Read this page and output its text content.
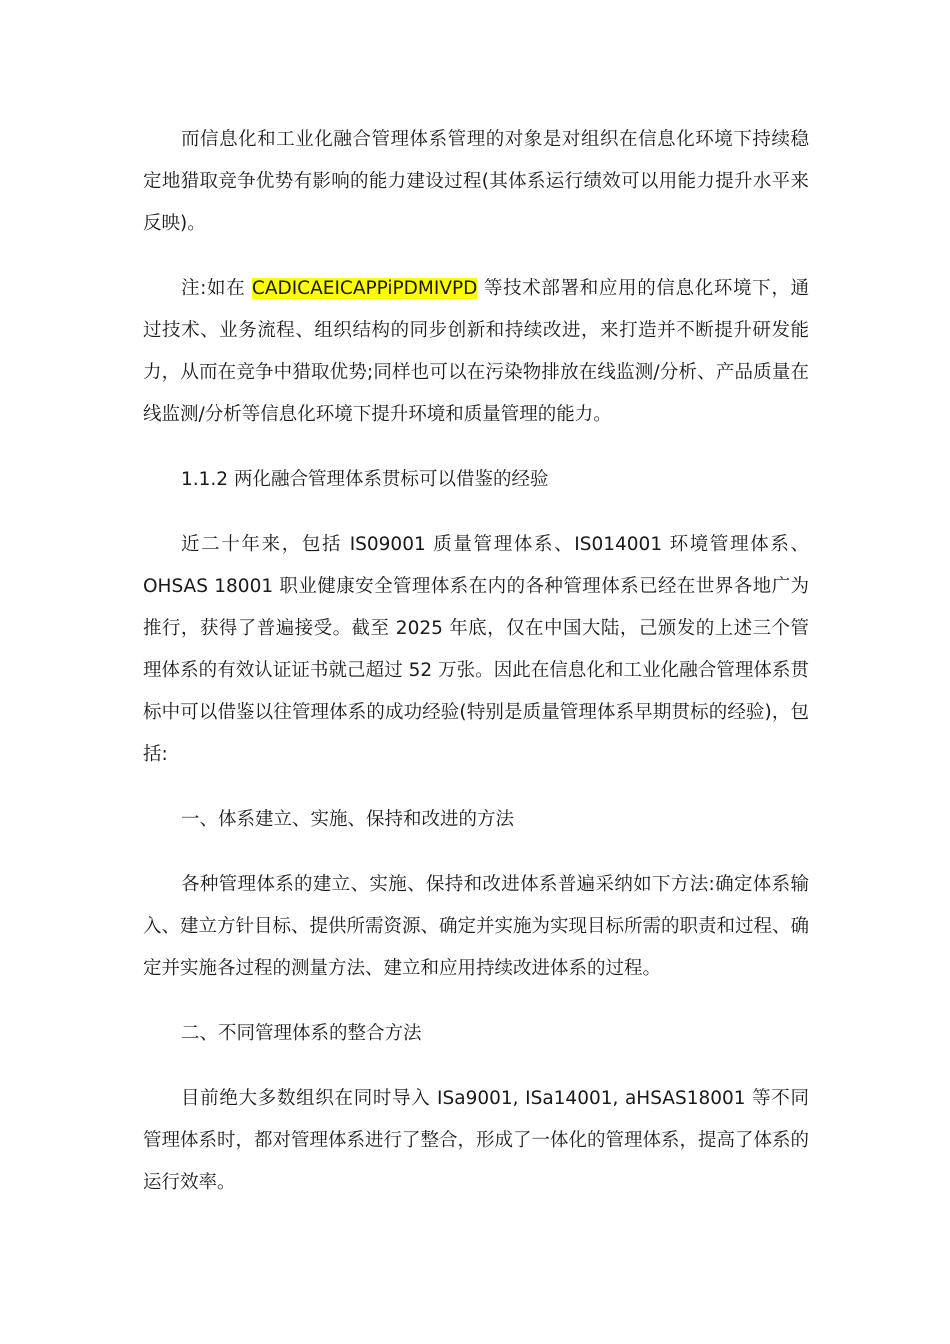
而信息化和工业化融合管理体系管理的对象是对组织在信息化环境下持续稳定地猎取竞争优势有影响的能力建设过程(其体系运行绩效可以用能力提升水平来反映)。

注:如在 CADICAEICAPPiPDMIVPD 等技术部署和应用的信息化环境下，通过技术、业务流程、组织结构的同步创新和持续改进，来打造并不断提升研发能力，从而在竞争中猎取优势;同样也可以在污染物排放在线监测/分析、产品质量在线监测/分析等信息化环境下提升环境和质量管理的能力。

1.1.2 两化融合管理体系贯标可以借鉴的经验

近二十年来，包括 IS09001 质量管理体系、IS014001 环境管理体系、OHSAS 18001 职业健康安全管理体系在内的各种管理体系已经在世界各地广为推行，获得了普遍接受。截至 2025 年底，仅在中国大陆，己颁发的上述三个管理体系的有效认证证书就己超过 52 万张。因此在信息化和工业化融合管理体系贯标中可以借鉴以往管理体系的成功经验(特别是质量管理体系早期贯标的经验)，包括:

一、体系建立、实施、保持和改进的方法

各种管理体系的建立、实施、保持和改进体系普遍采纳如下方法:确定体系输入、建立方针目标、提供所需资源、确定并实施为实现目标所需的职责和过程、确定并实施各过程的测量方法、建立和应用持续改进体系的过程。

二、不同管理体系的整合方法

目前绝大多数组织在同时导入 ISa9001, ISa14001, aHSAS18001 等不同管理体系时，都对管理体系进行了整合，形成了一体化的管理体系，提高了体系的运行效率。
